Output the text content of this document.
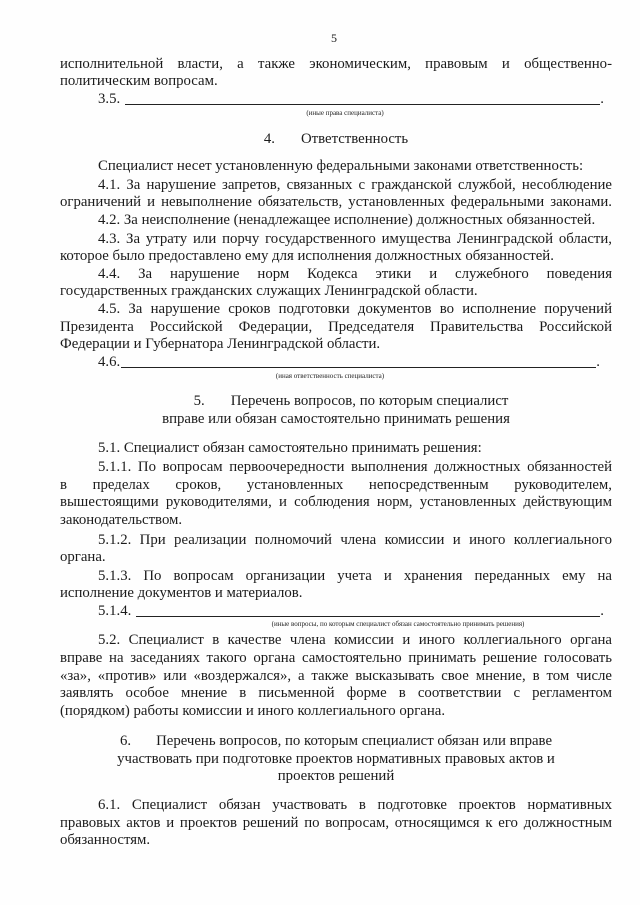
5
исполнительной власти, а также экономическим, правовым и общественно-
политическим вопросам.
3.5.	.
(иные права специалиста)
4. Ответственность
Специалист несет установленную федеральными законами ответственность:
4.1. За нарушение запретов, связанных с гражданской службой, несоблюдение
ограничений и невыполнение обязательств, установленных федеральными законами.
4.2. За неисполнение (ненадлежащее исполнение) должностных обязанностей.
4.3. За утрату или порчу государственного имущества Ленинградской области,
которое было предоставлено ему для исполнения должностных обязанностей.
4.4. За нарушение норм Кодекса этики и служебного поведения
государственных гражданских служащих Ленинградской области.
4.5. За нарушение сроков подготовки документов во исполнение поручений
Президента Российской Федерации, Председателя Правительства Российской
Федерации и Губернатора Ленинградской области.
4.6.	.
(иная ответственность специалиста)
5. Перечень вопросов, по которым специалист
вправе или обязан самостоятельно принимать решения
5.1. Специалист обязан самостоятельно принимать решения:
5.1.1. По вопросам первоочередности выполнения должностных обязанностей
в пределах сроков, установленных непосредственным руководителем,
вышестоящими руководителями, и соблюдения норм, установленных действующим
законодательством.
5.1.2. При реализации полномочий члена комиссии и иного коллегиального
органа.
5.1.3. По вопросам организации учета и хранения переданных ему на
исполнение документов и материалов.
5.1.4.	.
(иные вопросы, по которым специалист обязан самостоятельно принимать решения)
5.2. Специалист в качестве члена комиссии и иного коллегиального органа
вправе на заседаниях такого органа самостоятельно принимать решение голосовать
«за», «против» или «воздержался», а также высказывать свое мнение, в том числе
заявлять особое мнение в письменной форме в соответствии с регламентом
(порядком) работы комиссии и иного коллегиального органа.
6. Перечень вопросов, по которым специалист обязан или вправе
участвовать при подготовке проектов нормативных правовых актов и
проектов решений
6.1. Специалист обязан участвовать в подготовке проектов нормативных
правовых актов и проектов решений по вопросам, относящимся к его должностным
обязанностям.
